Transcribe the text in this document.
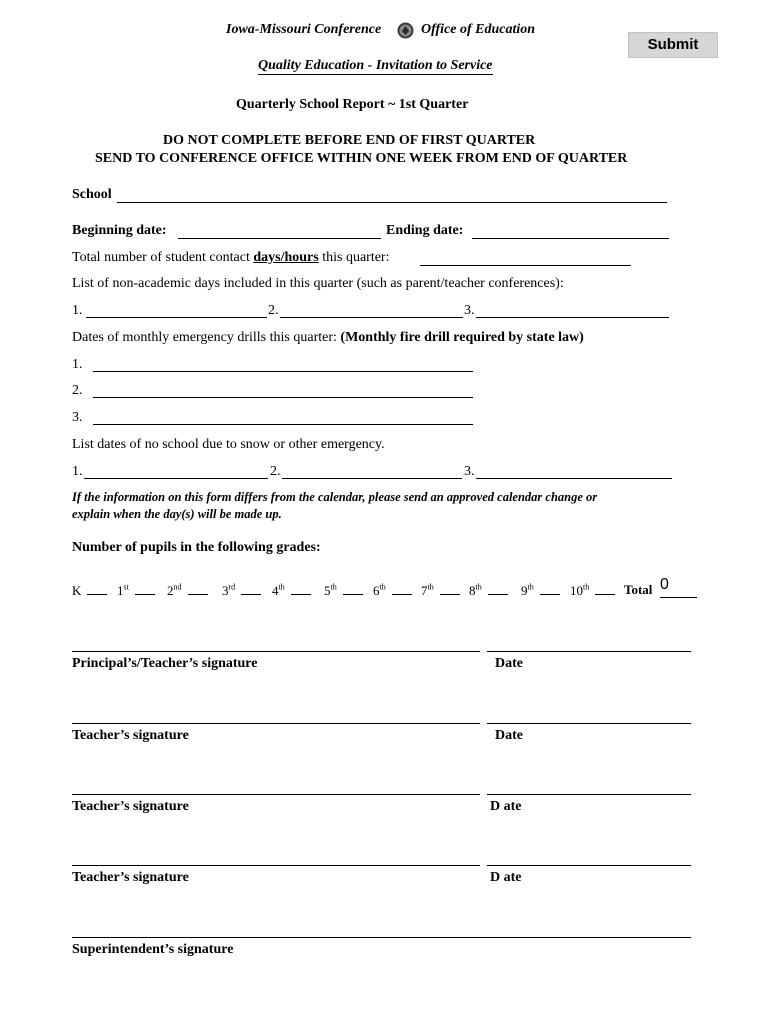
Iowa-Missouri Conference	Office of Education
Submit
Quality Education - Invitation to Service
Quarterly School Report ~ 1st Quarter
DO NOT COMPLETE BEFORE END OF FIRST QUARTER
SEND TO CONFERENCE OFFICE WITHIN ONE WEEK FROM END OF QUARTER
School
Beginning date:	Ending date:
Total number of student contact days/hours this quarter:
List of non-academic days included in this quarter (such as parent/teacher conferences):
1.	2.	3.
Dates of monthly emergency drills this quarter: (Monthly fire drill required by state law)
1.
2.
3.
List dates of no school due to snow or other emergency.
1.	2.	3.
If the information on this form differs from the calendar, please send an approved calendar change or
explain when the day(s) will be made up.
Number of pupils in the following grades:
K	1st	2nd	3rd	4th	5th	6th	7th	8th	9th	10th	Total 0
Principal’s/Teacher’s signature	Date
Teacher’s signature	Date
Teacher’s signature	D ate
Teacher’s signature	D ate
Superintendent’s signature
